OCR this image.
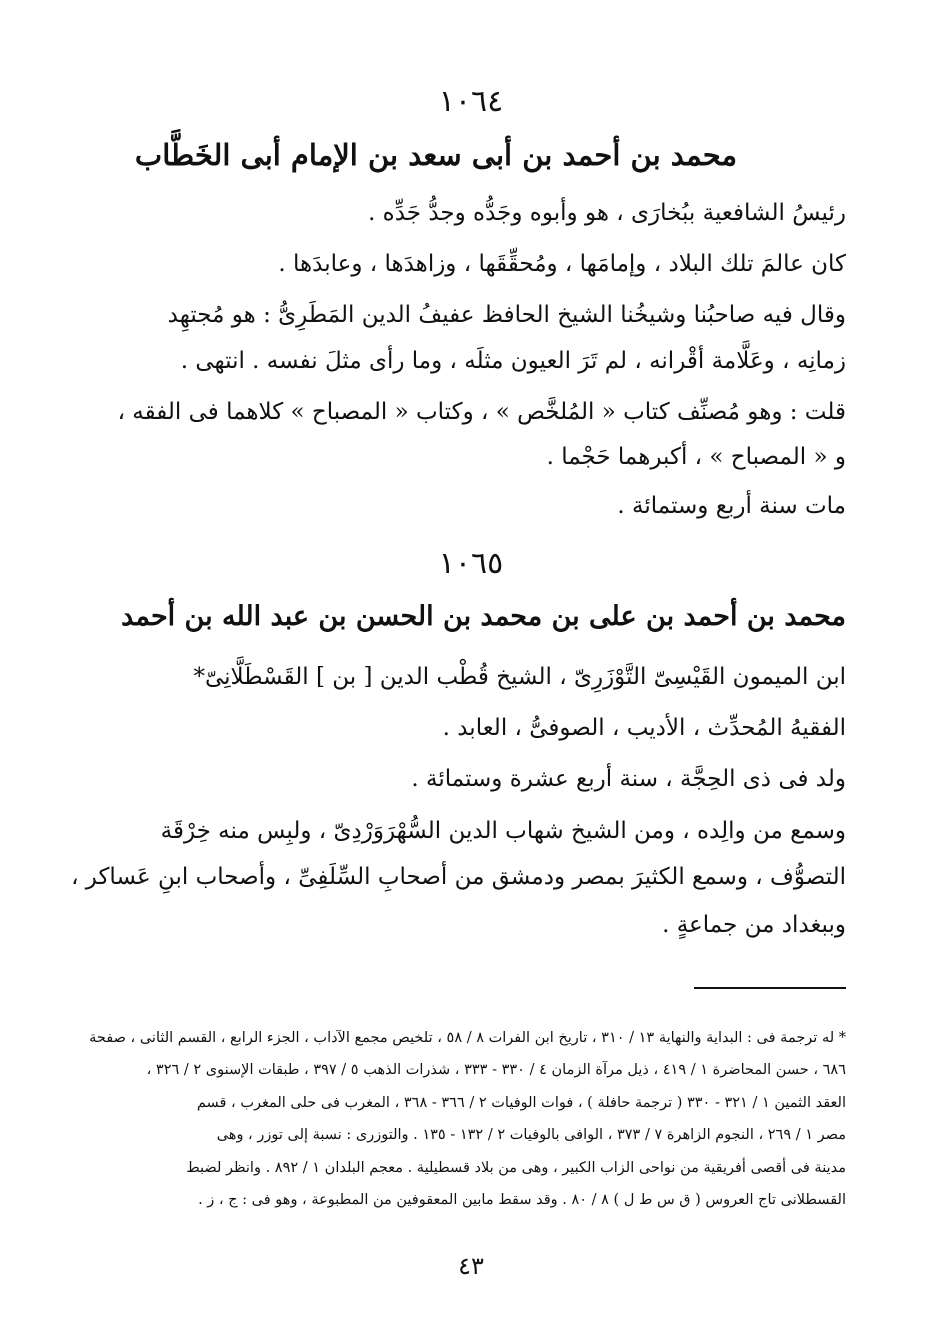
١٠٦٤
محمد بن أحمد بن أبى سعد بن الإمام أبى الخَطَّاب
رئيسُ الشافعية ببُخارَى ، هو وأبوه وجَدُّه وجدُّ جَدِّه .
كان عالمَ تلك البلاد ، وإمامَها ، ومُحقِّقَها ، وزاهدَها ، وعابدَها .
وقال فيه صاحبُنا وشيخُنا الشيخ الحافظ عفيفُ الدين المَطَرِىُّ : هو مُجتهِد
زمانِه ، وعَلَّامة أقْرانه ، لم تَرَ العيون مثلَه ، وما رأى مثلَ نفسه . انتهى .
قلت : وهو مُصنِّف كتاب « المُلخَّص » ، وكتاب « المصباح » كلاهما فى الفقه ،
و « المصباح » ، أكبرهما حَجْما .
مات سنة أربع وستمائة .
١٠٦٥
محمد بن أحمد بن على بن محمد بن الحسن بن عبد الله بن أحمد
ابن الميمون القَيْسِىّ التَّوْزَرِىّ ، الشيخ قُطْب الدين [ بن ] القَسْطَلَّانِىّ*
الفقيهُ المُحدِّث ، الأديب ، الصوفىُّ ، العابد .
ولد فى ذى الحِجَّة ، سنة أربع عشرة وستمائة .
وسمع من والِده ، ومن الشيخ شهاب الدين السُّهْرَوَرْدِىّ ، ولبِس منه خِرْقَة
التصوُّف ، وسمع الكثيرَ بمصر ودمشق من أصحابِ السِّلَفِىِّ ، وأصحاب ابنِ عَساكر ،
وببغداد من جماعةٍ .
* له ترجمة فى : البداية والنهاية ١٣ / ٣١٠ ، تاريخ ابن الفرات ٨ / ٥٨ ، تلخيص مجمع الآداب ، الجزء الرابع ، القسم الثانى ، صفحة
٦٨٦ ، حسن المحاضرة ١ / ٤١٩ ، ذيل مرآة الزمان ٤ / ٣٣٠ - ٣٣٣ ، شذرات الذهب ٥ / ٣٩٧ ، طبقات الإسنوى ٢ / ٣٢٦ ،
العقد الثمين ١ / ٣٢١ - ٣٣٠ ( ترجمة حافلة ) ، فوات الوفيات ٢ / ٣٦٦ - ٣٦٨ ، المغرب فى حلى المغرب ، قسم
مصر ١ / ٢٦٩ ، النجوم الزاهرة ٧ / ٣٧٣ ، الوافى بالوفيات ٢ / ١٣٢ - ١٣٥ . والتوزرى : نسبة إلى توزر ، وهى
مدينة فى أقصى أفريقية من نواحى الزاب الكبير ، وهى من بلاد قسطيلية . معجم البلدان ١ / ٨٩٢ . وانظر لضبط
القسطلانى تاج العروس ( ق س ط ل ) ٨ / ٨٠ . وقد سقط مابين المعقوفين من المطبوعة ، وهو فى : ج ، ز .
٤٣
